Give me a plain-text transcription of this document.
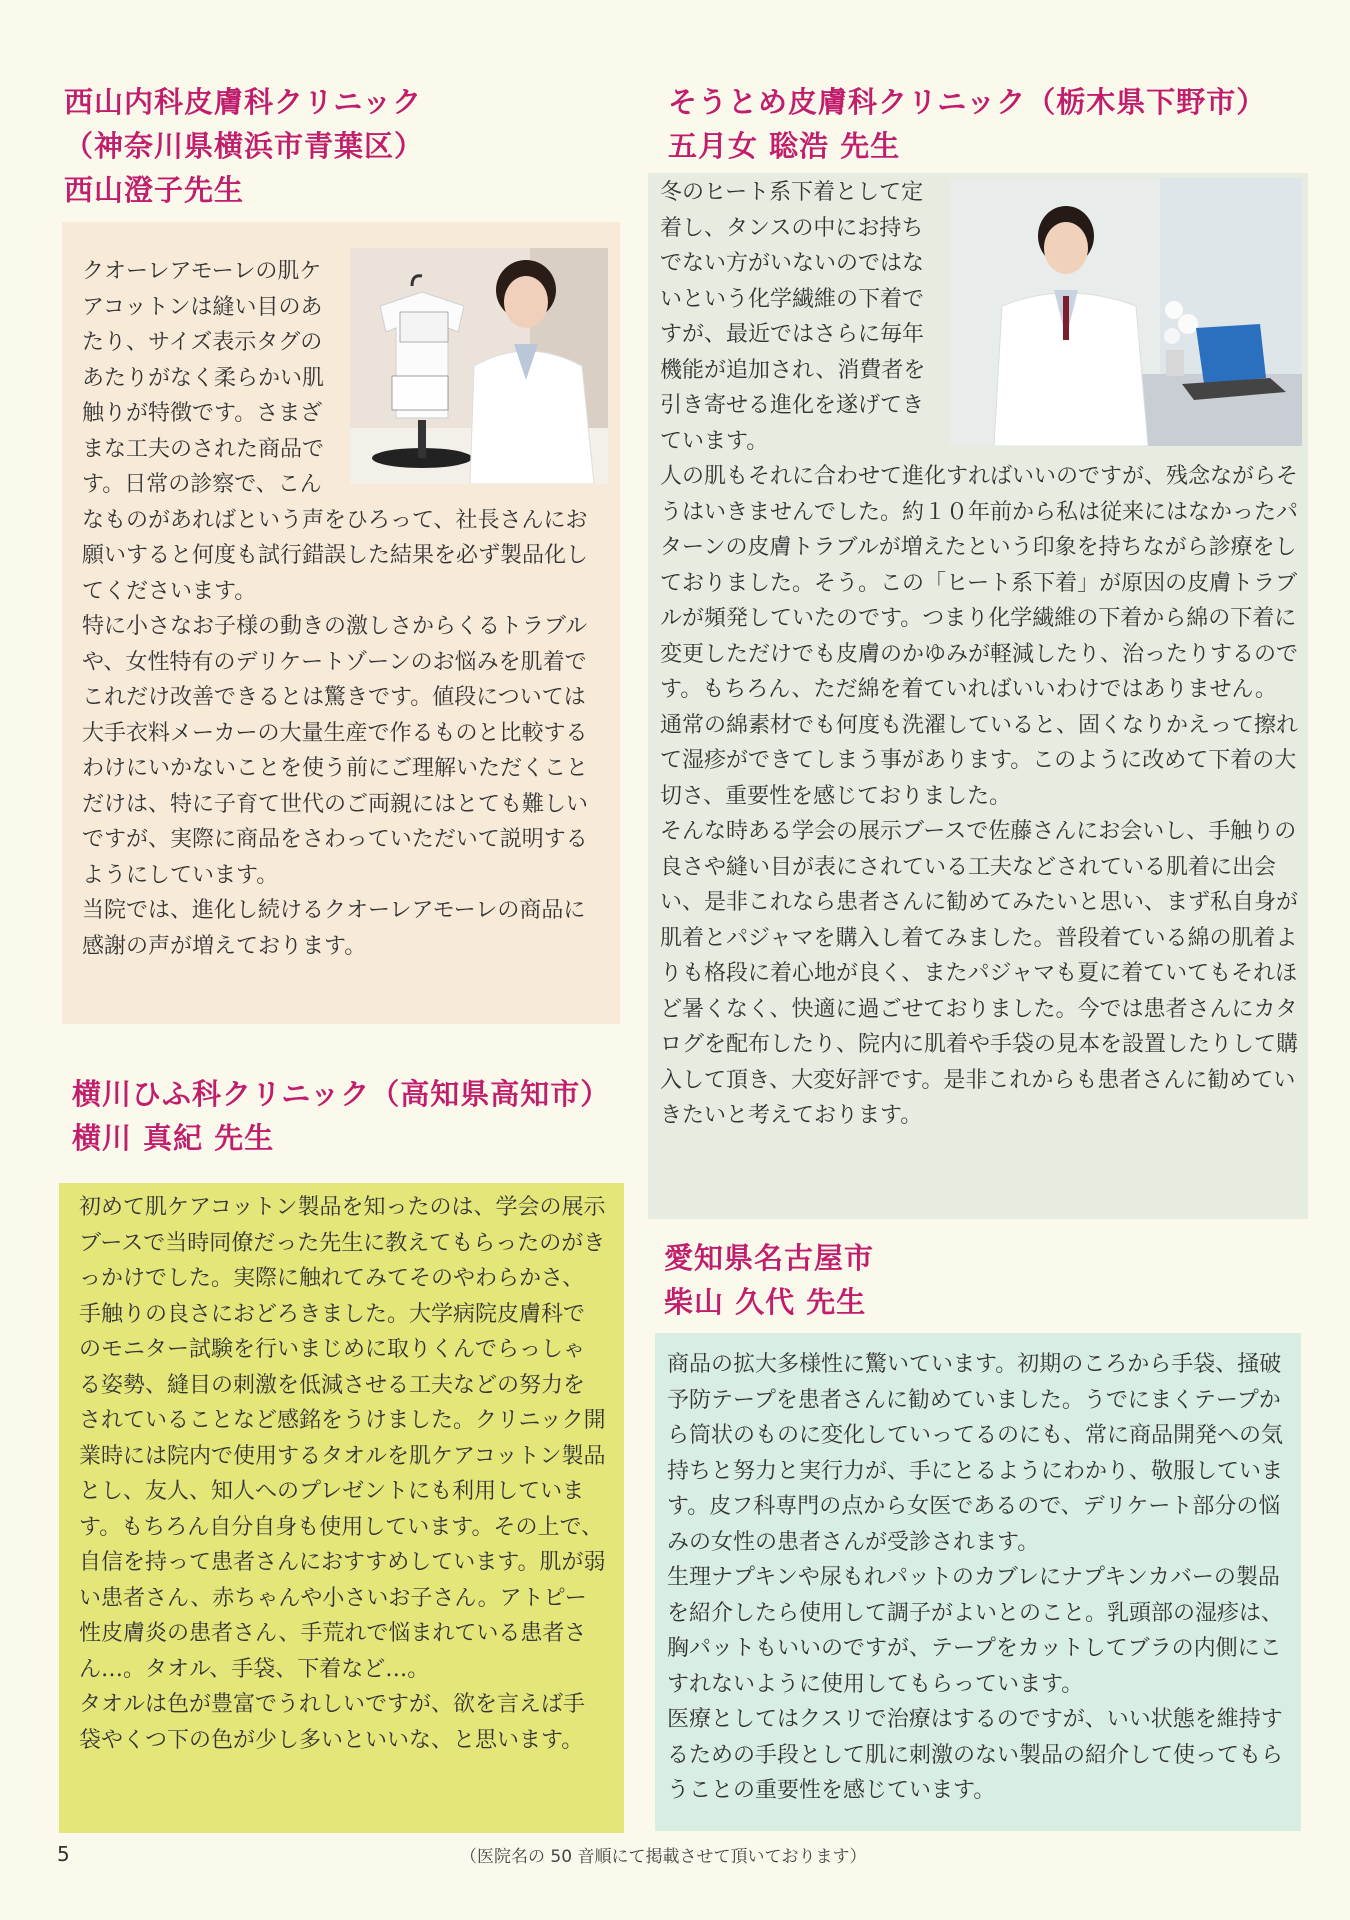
西山内科皮膚科クリニック
（神奈川県横浜市青葉区）
西山澄子先生

クオーレアモーレの肌ケアコットンは縫い目のあたり、サイズ表示タグのあたりがなく柔らかい肌触りが特徴です。さまざまな工夫のされた商品です。日常の診察で、こんなものがあればという声をひろって、社長さんにお願いすると何度も試行錯誤した結果を必ず製品化してくださいます。

特に小さなお子様の動きの激しさからくるトラブルや、女性特有のデリケートゾーンのお悩みを肌着でこれだけ改善できるとは驚きです。値段については大手衣料メーカーの大量生産で作るものと比較するわけにいかないことを使う前にご理解いただくことだけは、特に子育て世代のご両親にはとても難しいですが、実際に商品をさわっていただいて説明するようにしています。

当院では、進化し続けるクオーレアモーレの商品に感謝の声が増えております。

そうとめ皮膚科クリニック（栃木県下野市）
五月女 聡浩 先生

冬のヒート系下着として定着し、タンスの中にお持ちでない方がいないのではないという化学繊維の下着ですが、最近ではさらに毎年機能が追加され、消費者を引き寄せる進化を遂げてきています。

人の肌もそれに合わせて進化すればいいのですが、残念ながらそうはいきませんでした。約１０年前から私は従来にはなかったパターンの皮膚トラブルが増えたという印象を持ちながら診療をしておりました。そう。この「ヒート系下着」が原因の皮膚トラブルが頻発していたのです。つまり化学繊維の下着から綿の下着に変更しただけでも皮膚のかゆみが軽減したり、治ったりするのです。もちろん、ただ綿を着ていればいいわけではありません。

通常の綿素材でも何度も洗濯していると、固くなりかえって擦れて湿疹ができてしまう事があります。このように改めて下着の大切さ、重要性を感じておりました。

そんな時ある学会の展示ブースで佐藤さんにお会いし、手触りの良さや縫い目が表にされている工夫などされている肌着に出会い、是非これなら患者さんに勧めてみたいと思い、まず私自身が肌着とパジャマを購入し着てみました。普段着ている綿の肌着よりも格段に着心地が良く、またパジャマも夏に着ていてもそれほど暑くなく、快適に過ごせておりました。今では患者さんにカタログを配布したり、院内に肌着や手袋の見本を設置したりして購入して頂き、大変好評です。是非これからも患者さんに勧めていきたいと考えております。

横川ひふ科クリニック（高知県高知市）
横川 真紀 先生

初めて肌ケアコットン製品を知ったのは、学会の展示ブースで当時同僚だった先生に教えてもらったのがきっかけでした。実際に触れてみてそのやわらかさ、手触りの良さにおどろきました。大学病院皮膚科でのモニター試験を行いまじめに取りくんでらっしゃる姿勢、縫目の刺激を低減させる工夫などの努力をされていることなど感銘をうけました。クリニック開業時には院内で使用するタオルを肌ケアコットン製品とし、友人、知人へのプレゼントにも利用しています。もちろん自分自身も使用しています。その上で、自信を持って患者さんにおすすめしています。肌が弱い患者さん、赤ちゃんや小さいお子さん。アトピー性皮膚炎の患者さん、手荒れで悩まれている患者さん…。タオル、手袋、下着など…。

タオルは色が豊富でうれしいですが、欲を言えば手袋やくつ下の色が少し多いといいな、と思います。

愛知県名古屋市
柴山 久代 先生

商品の拡大多様性に驚いています。初期のころから手袋、掻破予防テープを患者さんに勧めていました。うでにまくテープから筒状のものに変化していってるのにも、常に商品開発への気持ちと努力と実行力が、手にとるようにわかり、敬服しています。皮フ科専門の点から女医であるので、デリケート部分の悩みの女性の患者さんが受診されます。

生理ナプキンや尿もれパットのカブレにナプキンカバーの製品を紹介したら使用して調子がよいとのこと。乳頭部の湿疹は、胸パットもいいのですが、テープをカットしてブラの内側にこすれないように使用してもらっています。

医療としてはクスリで治療はするのですが、いい状態を維持するための手段として肌に刺激のない製品の紹介して使ってもらうことの重要性を感じています。

5	（医院名の 50 音順にて掲載させて頂いております）
